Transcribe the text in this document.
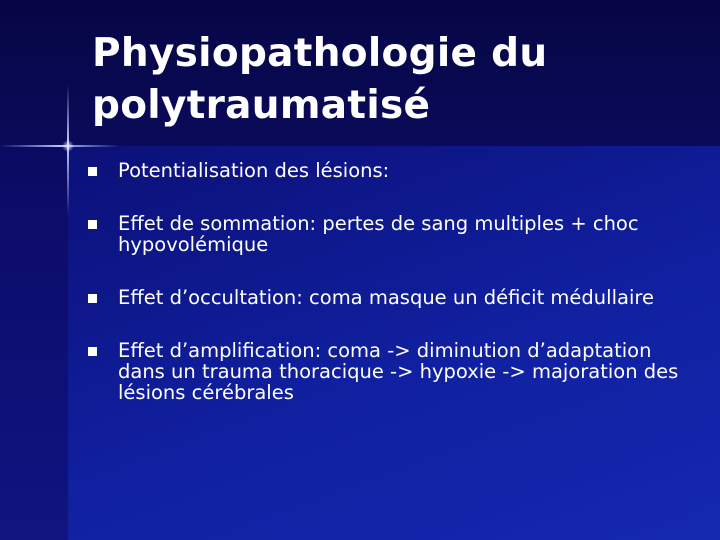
Physiopathologie du
polytraumatisé
Potentialisation des lésions:
Effet de sommation: pertes de sang multiples + choc hypovolémique
Effet d’occultation: coma masque un déficit médullaire
Effet d’amplification: coma -> diminution d’adaptation dans un trauma thoracique -> hypoxie -> majoration des lésions cérébrales
